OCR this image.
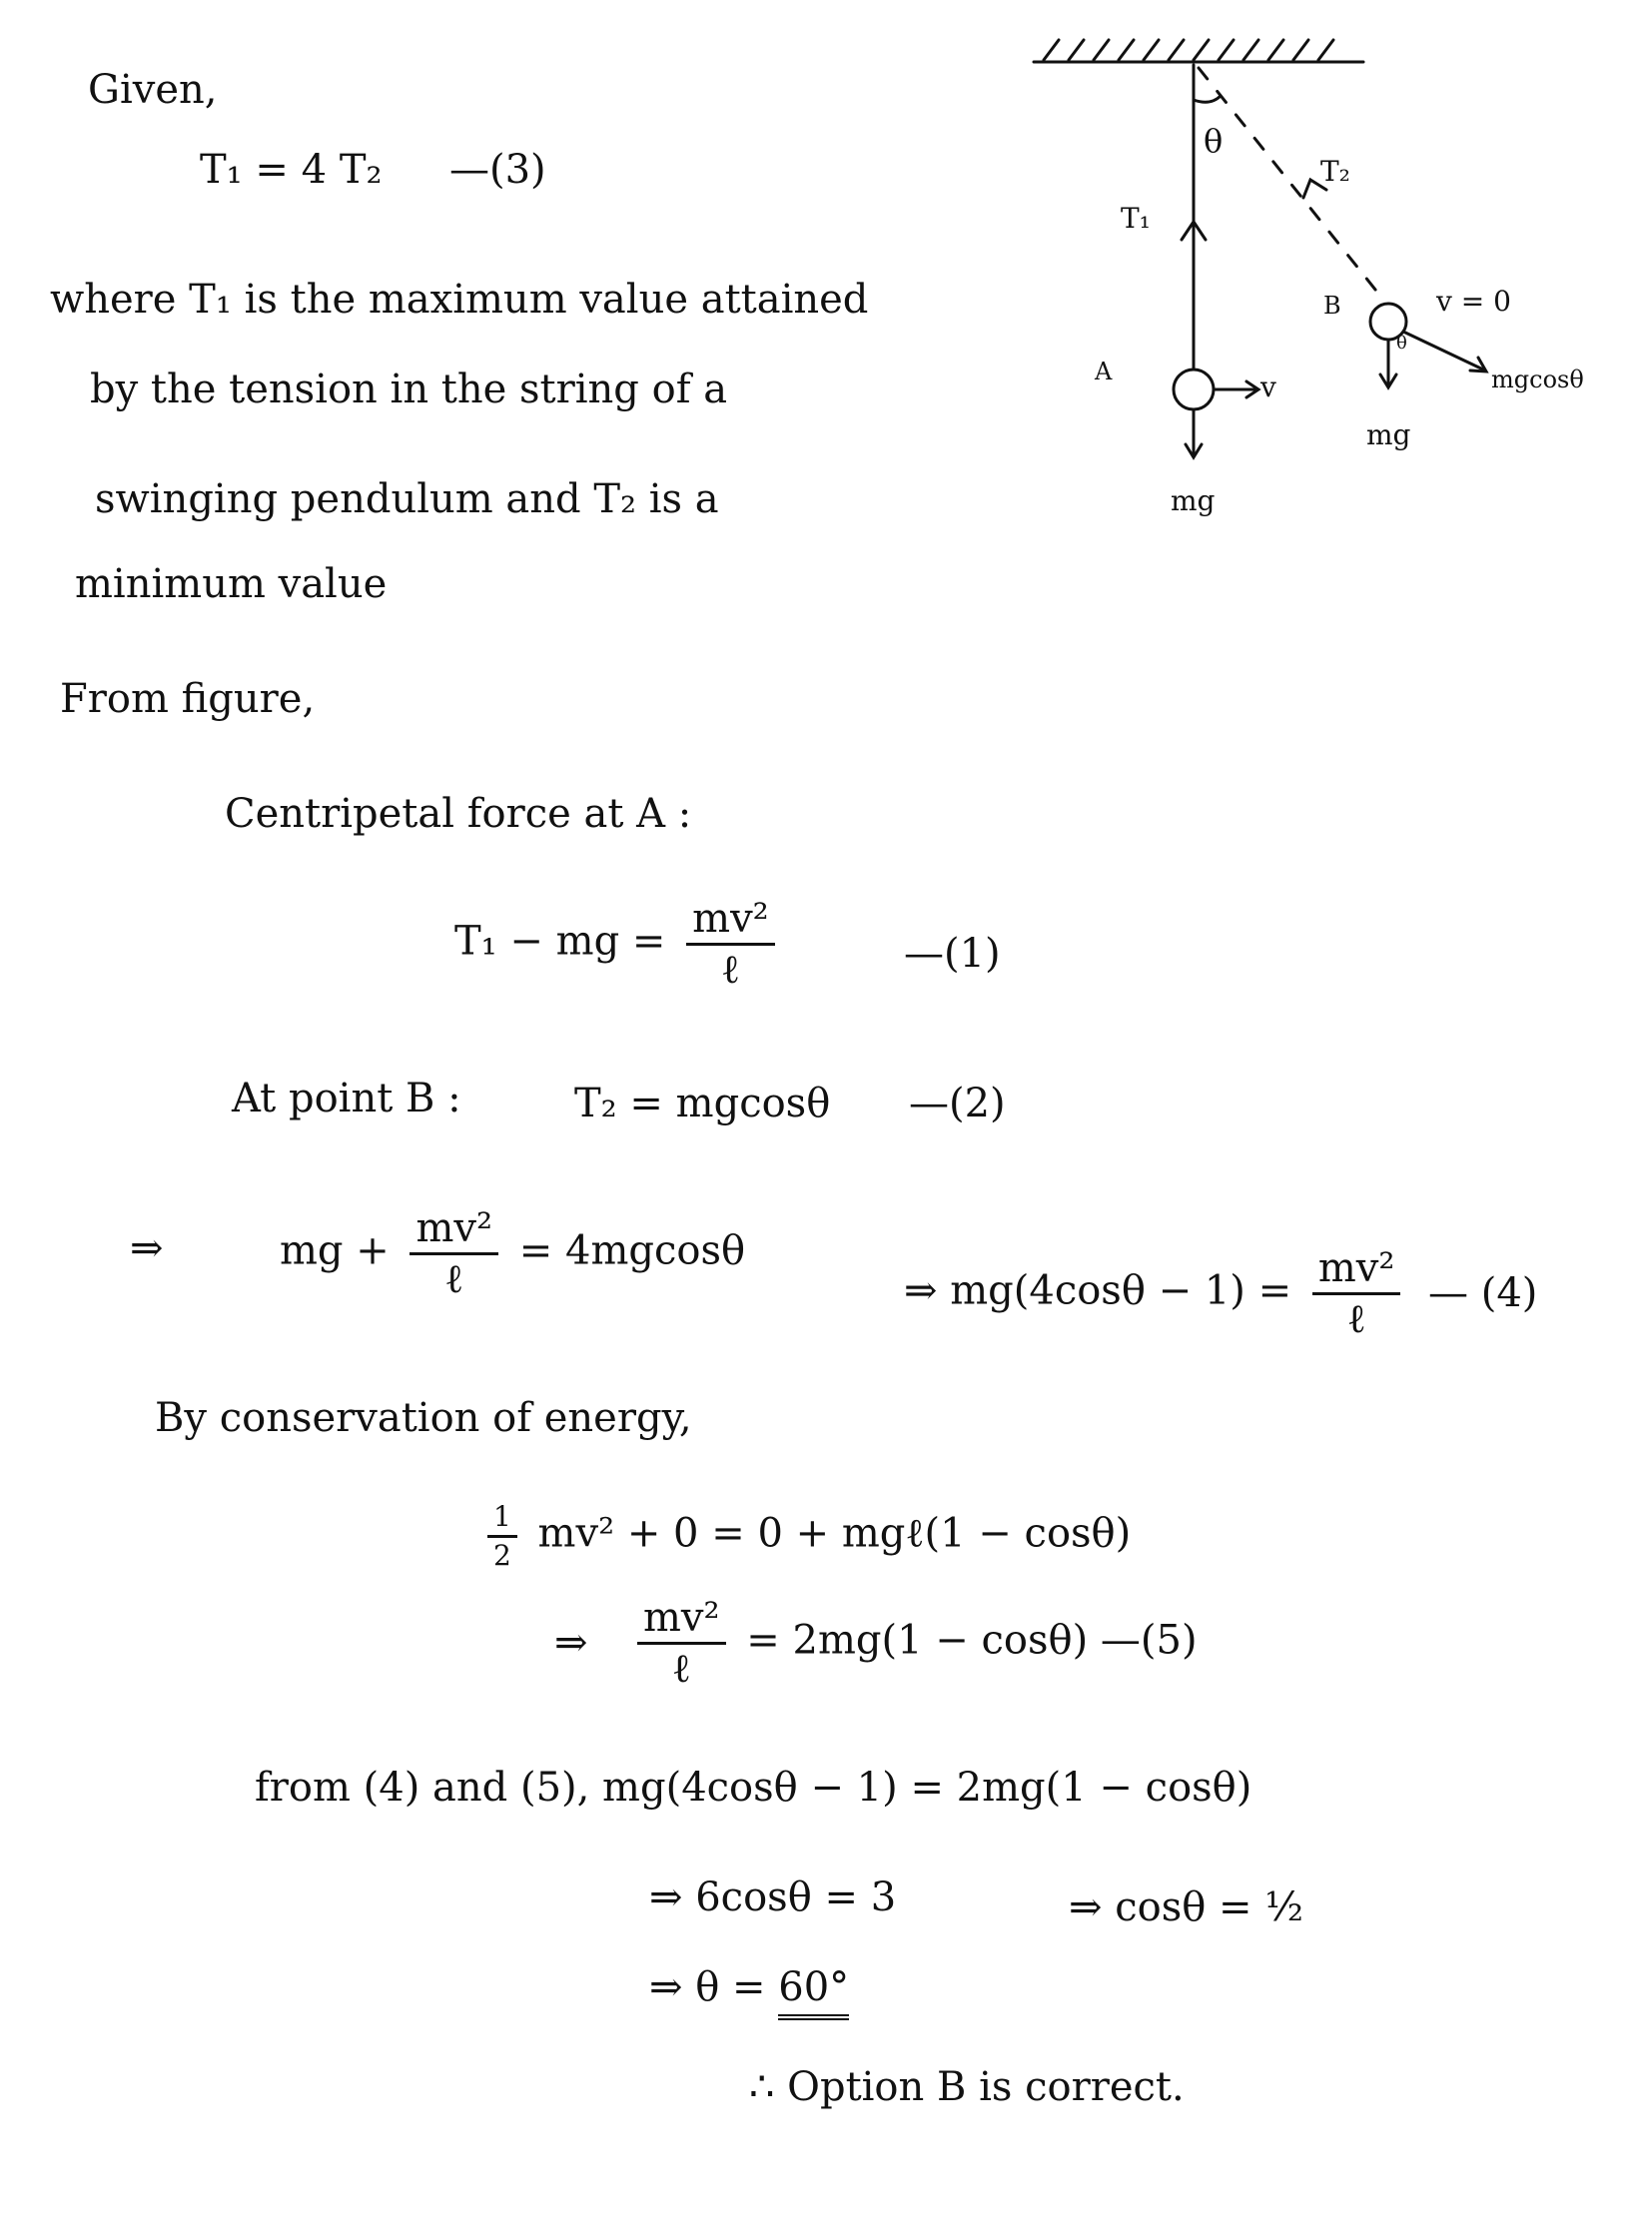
θ
T₁
T₂
A
B
v
v = 0
mg
mg
mgcosθ
θ
Given,
T₁ = 4 T₂ —(3)
where T₁ is the maximum value attained
by the tension in the string of a
swinging pendulum and T₂ is a
minimum value
From figure,
Centripetal force at A :
T₁ − mg = $\frac{\text{mv²}}{\text{ℓ}}$	—(1)
At point B :	T₂ = mgcosθ —(2)
⇒	mg + $\frac{\text{mv²}}{\text{ℓ}} = 4mgcos\theta$
⇒ $mg(4\cos\theta - 1) = \frac{\text{mv²}}{\text{ℓ}}$ — (4)
By conservation of energy,
$\frac{1}{2} mv^2 + 0 = 0$ + mgℓ(1 − cosθ)
⇒ $\frac{\text{mv²}}{\text{ℓ}} = 2mg(1 - \cos\theta)$ —(5)
from (4) and (5), mg(4cosθ − 1) = 2mg(1 − cosθ)
⇒ 6cosθ = 3	⇒ cosθ = ½
⇒ θ = 60°
∴ Option B is correct.
